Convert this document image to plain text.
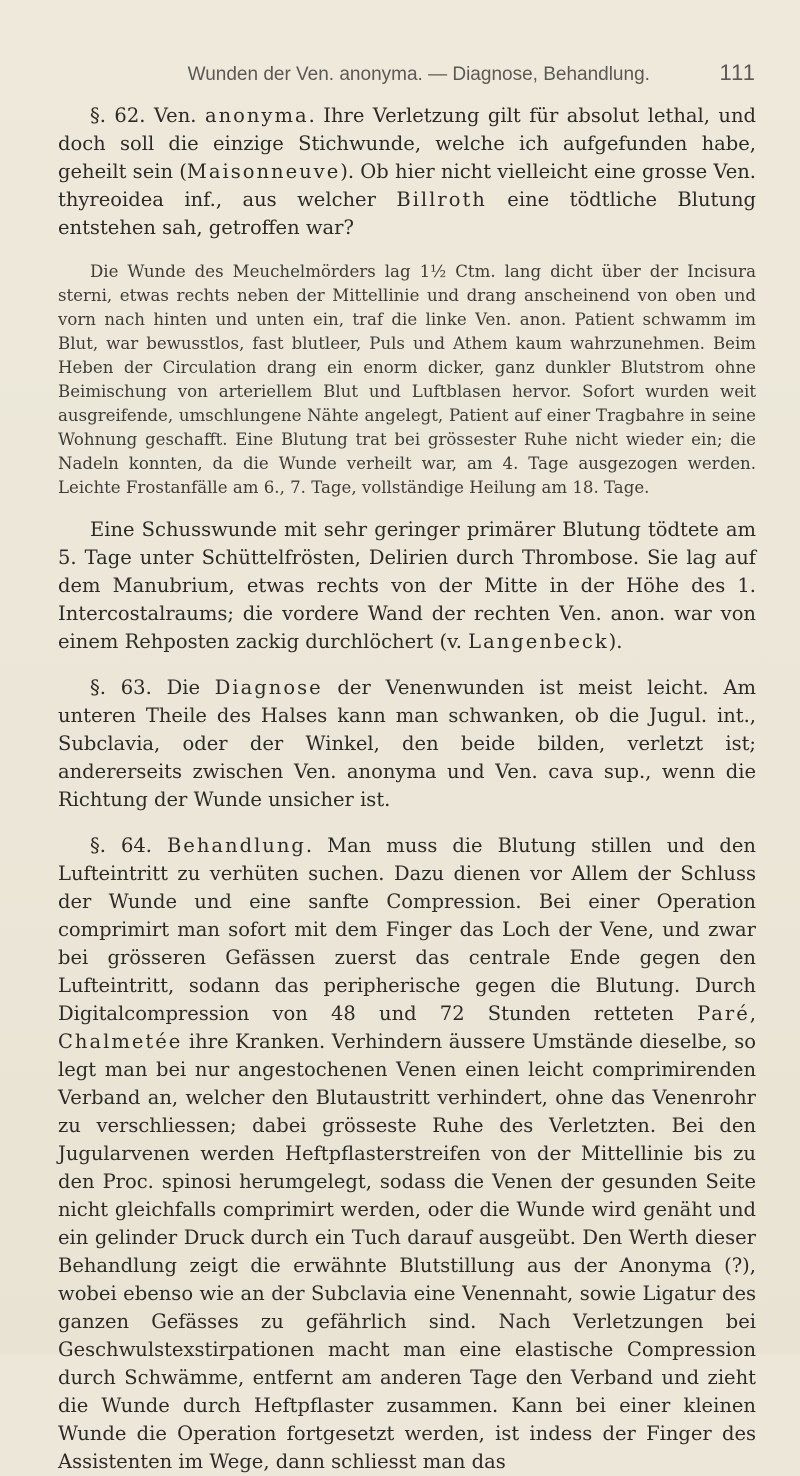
Wunden der Ven. anonyma. — Diagnose, Behandlung.	111

§. 62. Ven. anonyma. Ihre Verletzung gilt für absolut lethal, und doch soll die einzige Stichwunde, welche ich aufgefunden habe, geheilt sein (Maisonneuve). Ob hier nicht vielleicht eine grosse Ven. thyreoidea inf., aus welcher Billroth eine tödtliche Blutung entstehen sah, getroffen war?

Die Wunde des Meuchelmörders lag 1½ Ctm. lang dicht über der Incisura sterni, etwas rechts neben der Mittellinie und drang anscheinend von oben und vorn nach hinten und unten ein, traf die linke Ven. anon. Patient schwamm im Blut, war bewusstlos, fast blutleer, Puls und Athem kaum wahrzunehmen. Beim Heben der Circulation drang ein enorm dicker, ganz dunkler Blutstrom ohne Beimischung von arteriellem Blut und Luftblasen hervor. Sofort wurden weit ausgreifende, umschlungene Nähte angelegt, Patient auf einer Tragbahre in seine Wohnung geschafft. Eine Blutung trat bei grössester Ruhe nicht wieder ein; die Nadeln konnten, da die Wunde verheilt war, am 4. Tage ausgezogen werden. Leichte Frostanfälle am 6., 7. Tage, vollständige Heilung am 18. Tage.

Eine Schusswunde mit sehr geringer primärer Blutung tödtete am 5. Tage unter Schüttelfrösten, Delirien durch Thrombose. Sie lag auf dem Manubrium, etwas rechts von der Mitte in der Höhe des 1. Intercostalraums; die vordere Wand der rechten Ven. anon. war von einem Rehposten zackig durchlöchert (v. Langenbeck).

§. 63. Die Diagnose der Venenwunden ist meist leicht. Am unteren Theile des Halses kann man schwanken, ob die Jugul. int., Subclavia, oder der Winkel, den beide bilden, verletzt ist; andererseits zwischen Ven. anonyma und Ven. cava sup., wenn die Richtung der Wunde unsicher ist.

§. 64. Behandlung. Man muss die Blutung stillen und den Lufteintritt zu verhüten suchen. Dazu dienen vor Allem der Schluss der Wunde und eine sanfte Compression. Bei einer Operation comprimirt man sofort mit dem Finger das Loch der Vene, und zwar bei grösseren Gefässen zuerst das centrale Ende gegen den Lufteintritt, sodann das peripherische gegen die Blutung. Durch Digitalcompression von 48 und 72 Stunden retteten Paré, Chalmetée ihre Kranken. Verhindern äussere Umstände dieselbe, so legt man bei nur angestochenen Venen einen leicht comprimirenden Verband an, welcher den Blutaustritt verhindert, ohne das Venenrohr zu verschliessen; dabei grösseste Ruhe des Verletzten. Bei den Jugularvenen werden Heftpflasterstreifen von der Mittellinie bis zu den Proc. spinosi herumgelegt, sodass die Venen der gesunden Seite nicht gleichfalls comprimirt werden, oder die Wunde wird genäht und ein gelinder Druck durch ein Tuch darauf ausgeübt. Den Werth dieser Behandlung zeigt die erwähnte Blutstillung aus der Anonyma (?), wobei ebenso wie an der Subclavia eine Venennaht, sowie Ligatur des ganzen Gefässes zu gefährlich sind. Nach Verletzungen bei Geschwulstexstirpationen macht man eine elastische Compression durch Schwämme, entfernt am anderen Tage den Verband und zieht die Wunde durch Heftpflaster zusammen. Kann bei einer kleinen Wunde die Operation fortgesetzt werden, ist indess der Finger des Assistenten im Wege, dann schliesst man das
